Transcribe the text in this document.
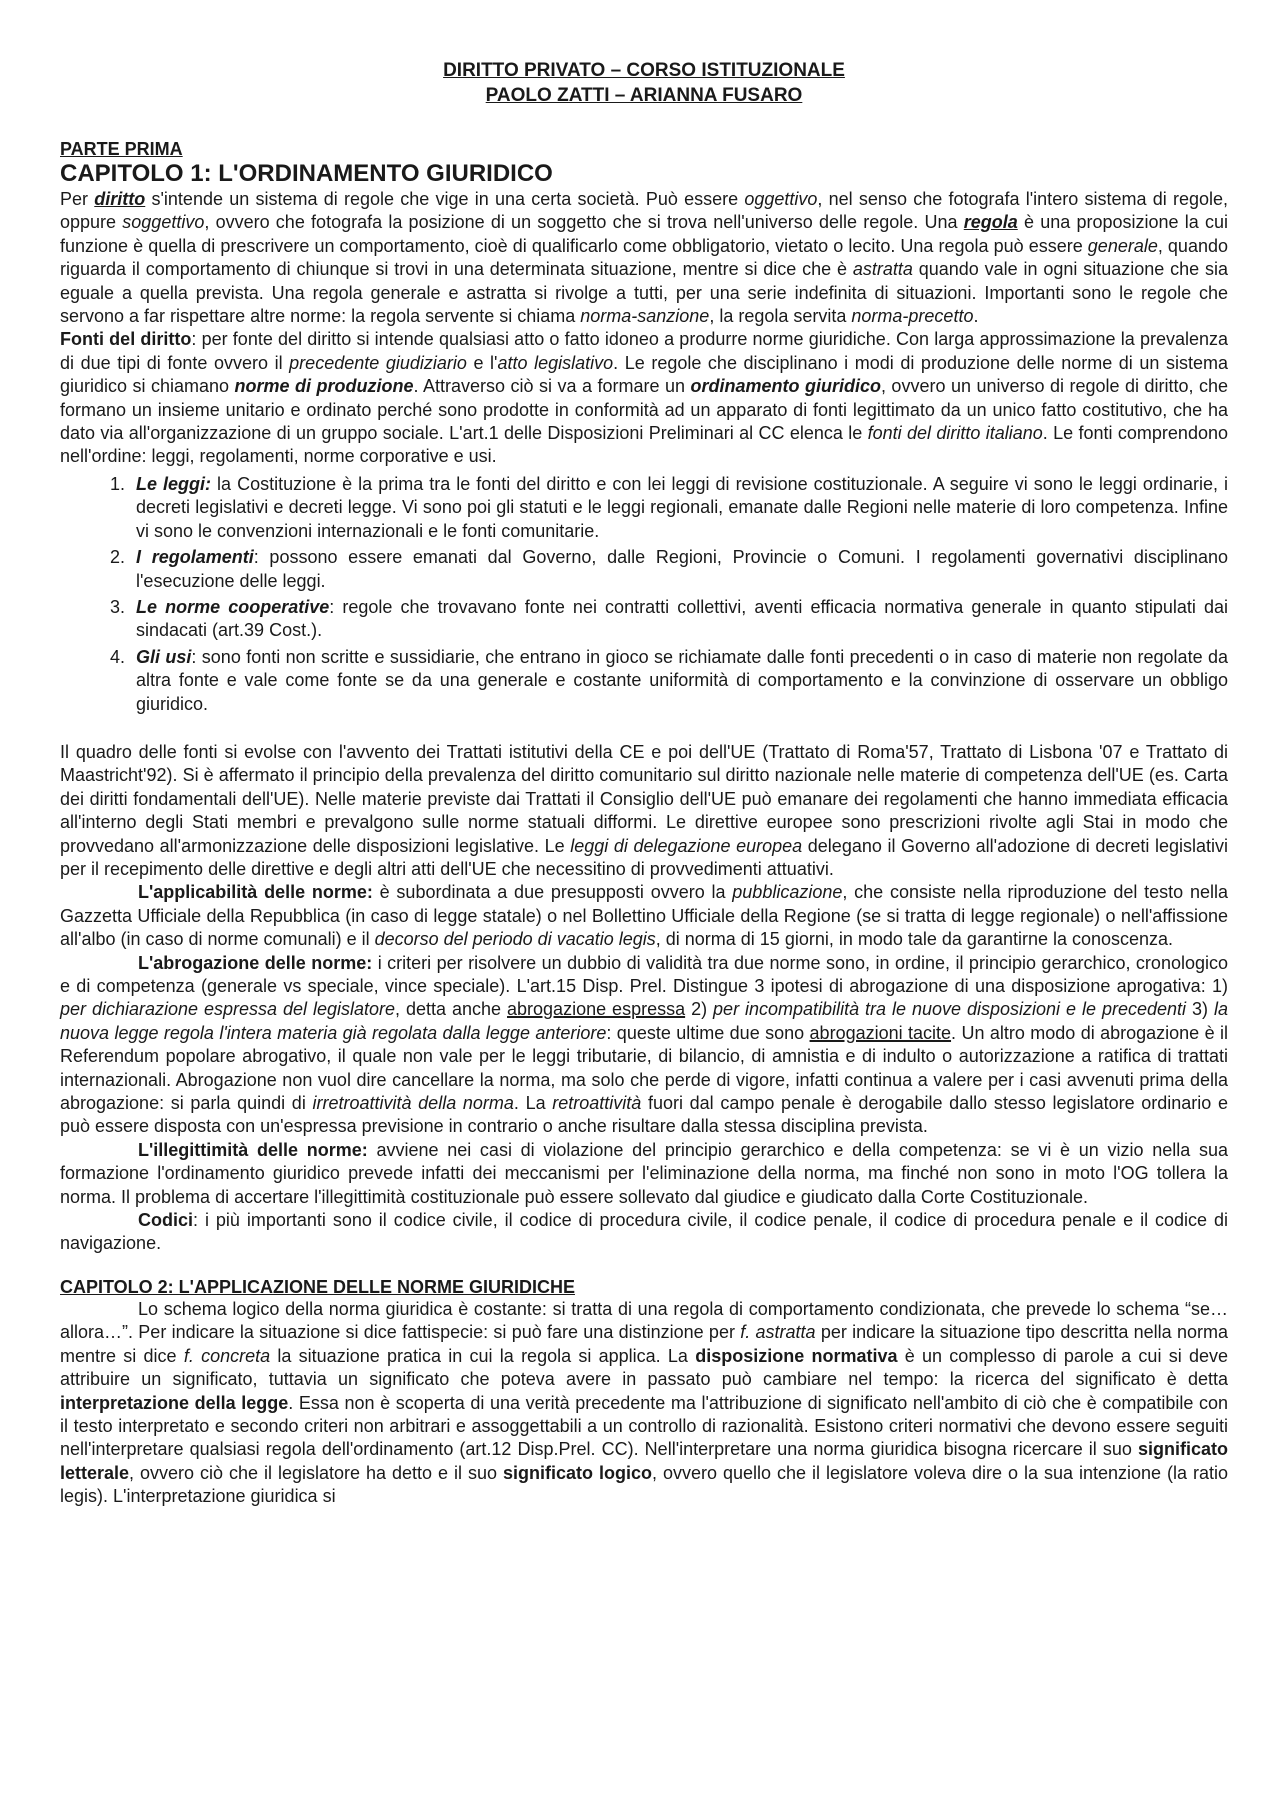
DIRITTO PRIVATO – CORSO ISTITUZIONALE
PAOLO ZATTI – ARIANNA FUSARO
PARTE PRIMA
CAPITOLO 1: L'ORDINAMENTO GIURIDICO

Per diritto s'intende un sistema di regole che vige in una certa società. Può essere oggettivo, nel senso che fotografa l'intero sistema di regole, oppure soggettivo, ovvero che fotografa la posizione di un soggetto che si trova nell'universo delle regole. Una regola è una proposizione la cui funzione è quella di prescrivere un comportamento, cioè di qualificarlo come obbligatorio, vietato o lecito. Una regola può essere generale, quando riguarda il comportamento di chiunque si trovi in una determinata situazione, mentre si dice che è astratta quando vale in ogni situazione che sia eguale a quella prevista. Una regola generale e astratta si rivolge a tutti, per una serie indefinita di situazioni. Importanti sono le regole che servono a far rispettare altre norme: la regola servente si chiama norma-sanzione, la regola servita norma-precetto.

Fonti del diritto: per fonte del diritto si intende qualsiasi atto o fatto idoneo a produrre norme giuridiche. Con larga approssimazione la prevalenza di due tipi di fonte ovvero il precedente giudiziario e l'atto legislativo. Le regole che disciplinano i modi di produzione delle norme di un sistema giuridico si chiamano norme di produzione. Attraverso ciò si va a formare un ordinamento giuridico, ovvero un universo di regole di diritto, che formano un insieme unitario e ordinato perché sono prodotte in conformità ad un apparato di fonti legittimato da un unico fatto costitutivo, che ha dato via all'organizzazione di un gruppo sociale. L'art.1 delle Disposizioni Preliminari al CC elenca le fonti del diritto italiano. Le fonti comprendono nell'ordine: leggi, regolamenti, norme corporative e usi.

1. Le leggi: la Costituzione è la prima tra le fonti del diritto e con lei leggi di revisione costituzionale. A seguire vi sono le leggi ordinarie, i decreti legislativi e decreti legge. Vi sono poi gli statuti e le leggi regionali, emanate dalle Regioni nelle materie di loro competenza. Infine vi sono le convenzioni internazionali e le fonti comunitarie.
2. I regolamenti: possono essere emanati dal Governo, dalle Regioni, Provincie o Comuni. I regolamenti governativi disciplinano l'esecuzione delle leggi.
3. Le norme cooperative: regole che trovavano fonte nei contratti collettivi, aventi efficacia normativa generale in quanto stipulati dai sindacati (art.39 Cost.).
4. Gli usi: sono fonti non scritte e sussidiarie, che entrano in gioco se richiamate dalle fonti precedenti o in caso di materie non regolate da altra fonte e vale come fonte se da una generale e costante uniformità di comportamento e la convinzione di osservare un obbligo giuridico.

Il quadro delle fonti si evolse con l'avvento dei Trattati istitutivi della CE e poi dell'UE (Trattato di Roma'57, Trattato di Lisbona '07 e Trattato di Maastricht'92). Si è affermato il principio della prevalenza del diritto comunitario sul diritto nazionale nelle materie di competenza dell'UE (es. Carta dei diritti fondamentali dell'UE). Nelle materie previste dai Trattati il Consiglio dell'UE può emanare dei regolamenti che hanno immediata efficacia all'interno degli Stati membri e prevalgono sulle norme statuali difformi. Le direttive europee sono prescrizioni rivolte agli Stai in modo che provvedano all'armonizzazione delle disposizioni legislative. Le leggi di delegazione europea delegano il Governo all'adozione di decreti legislativi per il recepimento delle direttive e degli altri atti dell'UE che necessitino di provvedimenti attuativi.

L'applicabilità delle norme: è subordinata a due presupposti ovvero la pubblicazione, che consiste nella riproduzione del testo nella Gazzetta Ufficiale della Repubblica (in caso di legge statale) o nel Bollettino Ufficiale della Regione (se si tratta di legge regionale) o nell'affissione all'albo (in caso di norme comunali) e il decorso del periodo di vacatio legis, di norma di 15 giorni, in modo tale da garantirne la conoscenza.

L'abrogazione delle norme: i criteri per risolvere un dubbio di validità tra due norme sono, in ordine, il principio gerarchico, cronologico e di competenza (generale vs speciale, vince speciale). L'art.15 Disp. Prel. Distingue 3 ipotesi di abrogazione di una disposizione aprogativa: 1) per dichiarazione espressa del legislatore, detta anche abrogazione espressa 2) per incompatibilità tra le nuove disposizioni e le precedenti 3) la nuova legge regola l'intera materia già regolata dalla legge anteriore: queste ultime due sono abrogazioni tacite. Un altro modo di abrogazione è il Referendum popolare abrogativo, il quale non vale per le leggi tributarie, di bilancio, di amnistia e di indulto o autorizzazione a ratifica di trattati internazionali. Abrogazione non vuol dire cancellare la norma, ma solo che perde di vigore, infatti continua a valere per i casi avvenuti prima della abrogazione: si parla quindi di irretroattività della norma. La retroattività fuori dal campo penale è derogabile dallo stesso legislatore ordinario e può essere disposta con un'espressa previsione in contrario o anche risultare dalla stessa disciplina prevista.

L'illegittimità delle norme: avviene nei casi di violazione del principio gerarchico e della competenza: se vi è un vizio nella sua formazione l'ordinamento giuridico prevede infatti dei meccanismi per l'eliminazione della norma, ma finché non sono in moto l'OG tollera la norma. Il problema di accertare l'illegittimità costituzionale può essere sollevato dal giudice e giudicato dalla Corte Costituzionale.

Codici: i più importanti sono il codice civile, il codice di procedura civile, il codice penale, il codice di procedura penale e il codice di navigazione.

CAPITOLO 2: L'APPLICAZIONE DELLE NORME GIURIDICHE

Lo schema logico della norma giuridica è costante: si tratta di una regola di comportamento condizionata, che prevede lo schema “se…allora…”. Per indicare la situazione si dice fattispecie: si può fare una distinzione per f. astratta per indicare la situazione tipo descritta nella norma mentre si dice f. concreta la situazione pratica in cui la regola si applica. La disposizione normativa è un complesso di parole a cui si deve attribuire un significato, tuttavia un significato che poteva avere in passato può cambiare nel tempo: la ricerca del significato è detta interpretazione della legge. Essa non è scoperta di una verità precedente ma l'attribuzione di significato nell'ambito di ciò che è compatibile con il testo interpretato e secondo criteri non arbitrari e assoggettabili a un controllo di razionalità. Esistono criteri normativi che devono essere seguiti nell'interpretare qualsiasi regola dell'ordinamento (art.12 Disp.Prel. CC). Nell'interpretare una norma giuridica bisogna ricercare il suo significato letterale, ovvero ciò che il legislatore ha detto e il suo significato logico, ovvero quello che il legislatore voleva dire o la sua intenzione (la ratio legis). L'interpretazione giuridica si
